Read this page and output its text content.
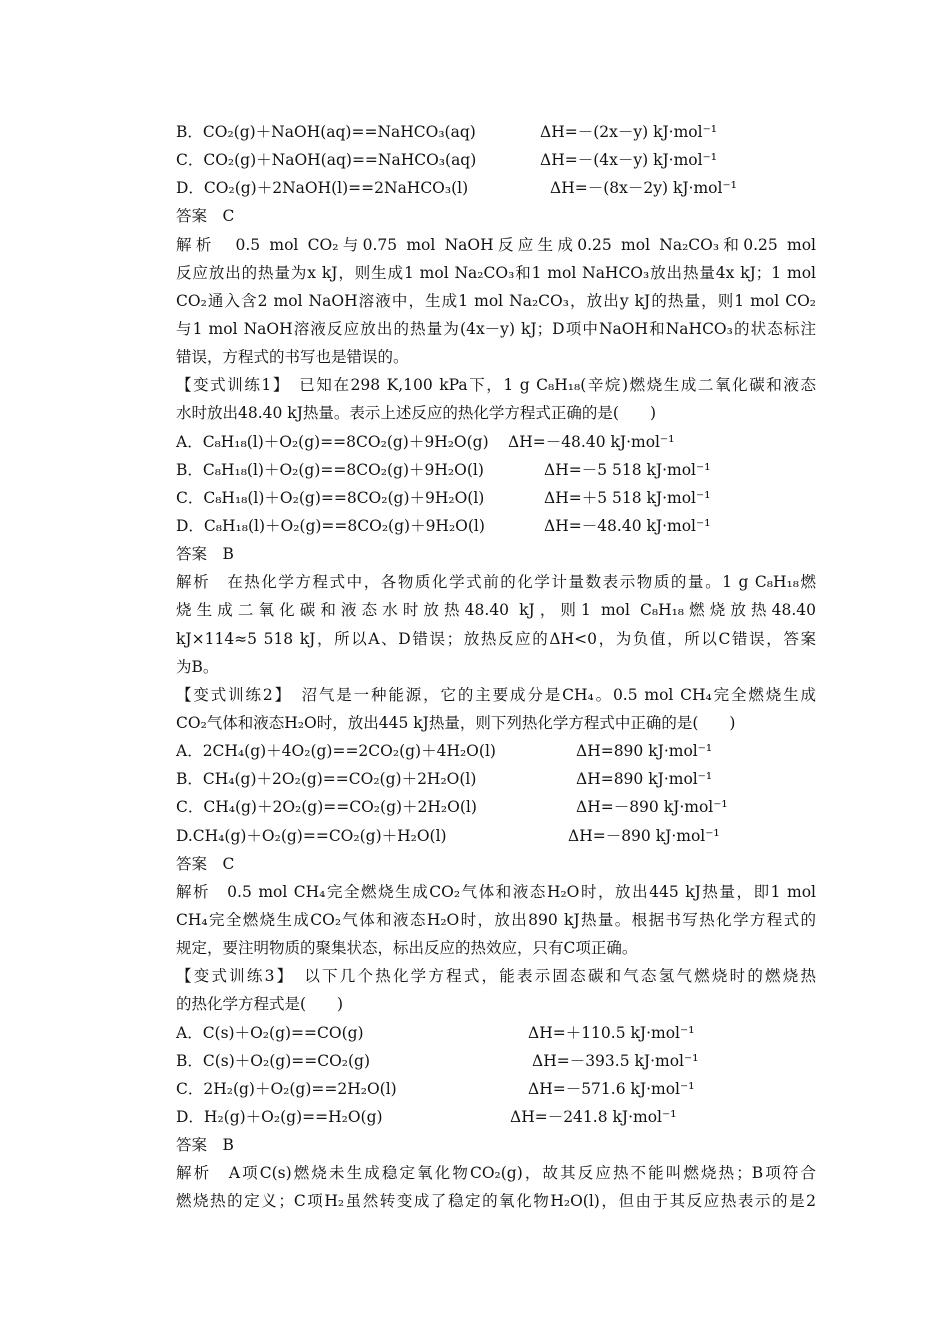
B．CO₂(g)＋NaOH(aq)==NaHCO₃(aq)	ΔH=－(2x－y) kJ·mol⁻¹
C．CO₂(g)＋NaOH(aq)==NaHCO₃(aq)	ΔH=－(4x－y) kJ·mol⁻¹
D．CO₂(g)＋2NaOH(l)==2NaHCO₃(l)	ΔH=－(8x－2y) kJ·mol⁻¹
答案　C
解析　0.5 mol CO₂与0.75 mol NaOH反应生成0.25 mol Na₂CO₃和0.25 mol
反应放出的热量为x kJ，则生成1 mol Na₂CO₃和1 mol NaHCO₃放出热量4x kJ；1 mol
CO₂通入含2 mol NaOH溶液中，生成1 mol Na₂CO₃，放出y kJ的热量，则1 mol CO₂
与1 mol NaOH溶液反应放出的热量为(4x－y) kJ；D项中NaOH和NaHCO₃的状态标注
错误，方程式的书写也是错误的。
【变式训练1】　已知在298 K,100 kPa下，1 g C₈H₁₈(辛烷)燃烧生成二氧化碳和液态
水时放出48.40 kJ热量。表示上述反应的热化学方程式正确的是(　　)
A．C₈H₁₈(l)＋O₂(g)==8CO₂(g)＋9H₂O(g) ΔH=－48.40 kJ·mol⁻¹
B．C₈H₁₈(l)＋O₂(g)==8CO₂(g)＋9H₂O(l)	ΔH=－5 518 kJ·mol⁻¹
C．C₈H₁₈(l)＋O₂(g)==8CO₂(g)＋9H₂O(l)	ΔH=＋5 518 kJ·mol⁻¹
D．C₈H₁₈(l)＋O₂(g)==8CO₂(g)＋9H₂O(l)	ΔH=－48.40 kJ·mol⁻¹
答案　B
解析　在热化学方程式中，各物质化学式前的化学计量数表示物质的量。1 g C₈H₁₈燃
烧生成二氧化碳和液态水时放热48.40 kJ，则1 mol C₈H₁₈燃烧放热48.40
kJ×114≈5 518 kJ，所以A、D错误；放热反应的ΔH<0，为负值，所以C错误，答案
为B。
【变式训练2】　沼气是一种能源，它的主要成分是CH₄。0.5 mol CH₄完全燃烧生成
CO₂气体和液态H₂O时，放出445 kJ热量，则下列热化学方程式中正确的是(　　)
A．2CH₄(g)＋4O₂(g)==2CO₂(g)＋4H₂O(l)	ΔH=890 kJ·mol⁻¹
B．CH₄(g)＋2O₂(g)==CO₂(g)＋2H₂O(l)	ΔH=890 kJ·mol⁻¹
C．CH₄(g)＋2O₂(g)==CO₂(g)＋2H₂O(l)	ΔH=－890 kJ·mol⁻¹
D.CH₄(g)＋O₂(g)==CO₂(g)＋H₂O(l)	ΔH=－890 kJ·mol⁻¹
答案　C
解析　0.5 mol CH₄完全燃烧生成CO₂气体和液态H₂O时，放出445 kJ热量，即1 mol
CH₄完全燃烧生成CO₂气体和液态H₂O时，放出890 kJ热量。根据书写热化学方程式的
规定，要注明物质的聚集状态，标出反应的热效应，只有C项正确。
【变式训练3】　以下几个热化学方程式，能表示固态碳和气态氢气燃烧时的燃烧热
的热化学方程式是(　　)
A．C(s)＋O₂(g)==CO(g)	ΔH=＋110.5 kJ·mol⁻¹
B．C(s)＋O₂(g)==CO₂(g)	ΔH=－393.5 kJ·mol⁻¹
C．2H₂(g)＋O₂(g)==2H₂O(l)	ΔH=－571.6 kJ·mol⁻¹
D．H₂(g)＋O₂(g)==H₂O(g)	ΔH=－241.8 kJ·mol⁻¹
答案　B
解析　A项C(s)燃烧未生成稳定氧化物CO₂(g)，故其反应热不能叫燃烧热；B项符合
燃烧热的定义；C项H₂虽然转变成了稳定的氧化物H₂O(l)，但由于其反应热表示的是2
